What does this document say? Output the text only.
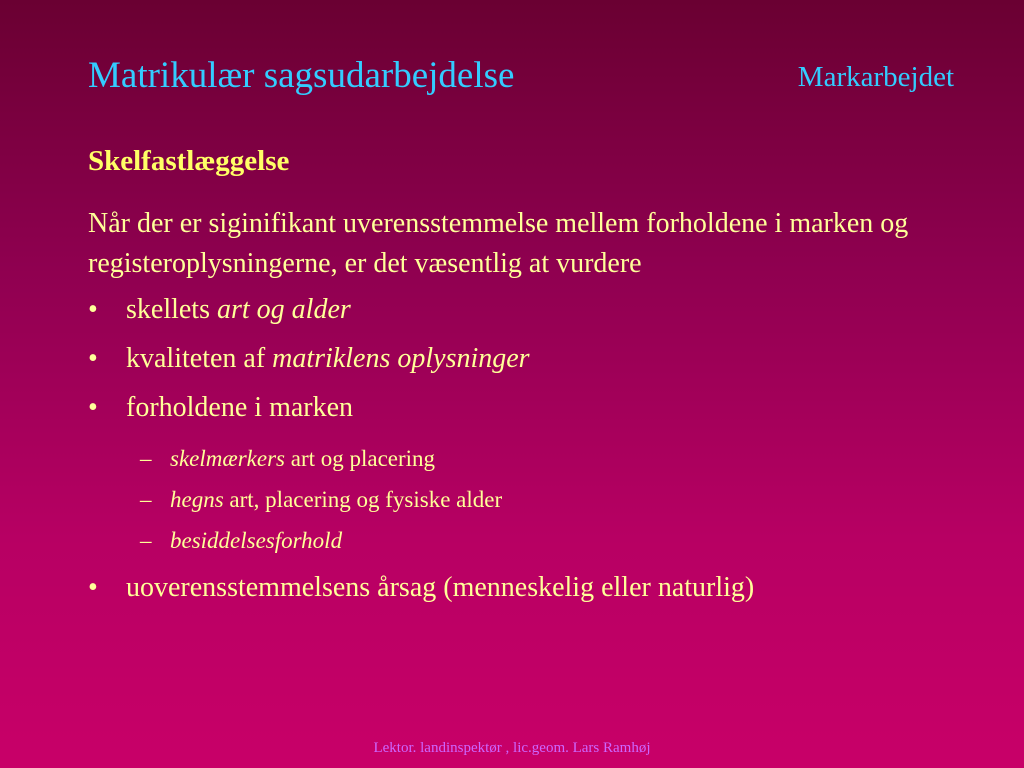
Matrikulær sagsudarbejdelse	Markarbejdet
Skelfastlæggelse
Når der er siginifikant uverensstemmelse mellem forholdene i marken og registeroplysningerne, er det væsentlig at vurdere
• skellets art og alder
• kvaliteten af matriklens oplysninger
• forholdene i marken
– skelmærkers art og placering
– hegns art, placering og fysiske alder
– besiddelsesforhold
• uoverensstemmelsens årsag (menneskelig eller naturlig)
Lektor. landinspektør , lic.geom. Lars Ramhøj
